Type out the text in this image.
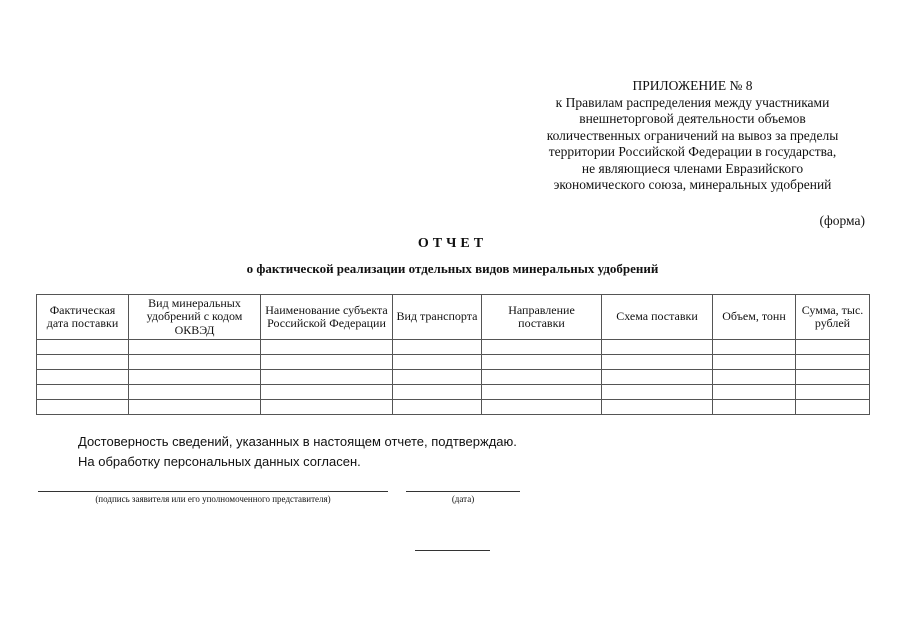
ПРИЛОЖЕНИЕ № 8
к Правилам распределения между участниками
внешнеторговой деятельности объемов
количественных ограничений на вывоз за пределы
территории Российской Федерации в государства,
не являющиеся членами Евразийского
экономического союза, минеральных удобрений
(форма)
ОТЧЕТ
о фактической реализации отдельных видов минеральных удобрений
Фактическая дата поставки	Вид минеральных удобрений с кодом ОКВЭД	Наименование субъекта Российской Федерации	Вид транспорта	Направление поставки	Схема поставки	Объем, тонн	Сумма, тыс. рублей

Достоверность сведений, указанных в настоящем отчете, подтверждаю.
На обработку персональных данных согласен.
(подпись заявителя или его уполномоченного представителя)	(дата)
